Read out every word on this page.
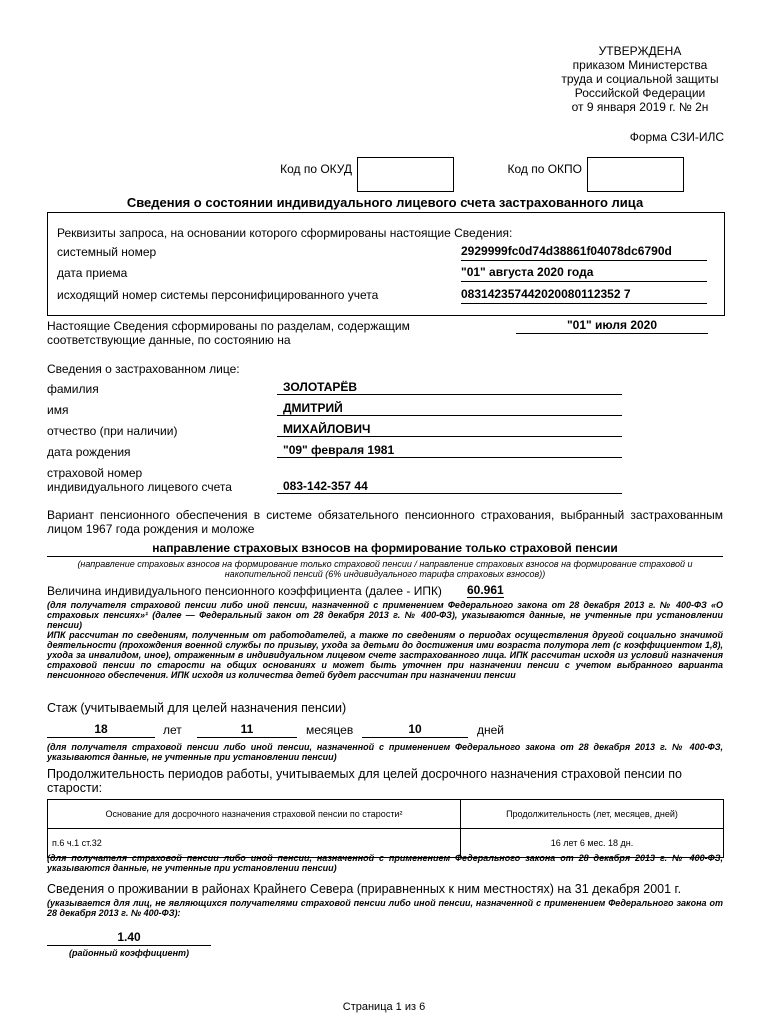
УТВЕРЖДЕНА
приказом Министерства
труда и социальной защиты
Российской Федерации
от 9 января 2019 г. № 2н
Форма СЗИ-ИЛС
Код по ОКУД	Код по ОКПО
Сведения о состоянии индивидуального лицевого счета застрахованного лица
Реквизиты запроса, на основании которого сформированы настоящие Сведения:
системный номер	2929999fc0d74d38861f04078dc6790d
дата приема	"01" августа 2020 года
исходящий номер системы персонифицированного учета	083142357442020080112352 7
Настоящие Сведения сформированы по разделам, содержащим
соответствующие данные, по состоянию на
"01" июля 2020
Сведения о застрахованном лице:
фамилия	ЗОЛОТАРЁВ
имя	ДМИТРИЙ
отчество (при наличии)	МИХАЙЛОВИЧ
дата рождения	"09" февраля 1981
страховой номер
индивидуального лицевого счета	083-142-357 44
Вариант пенсионного обеспечения в системе обязательного пенсионного страхования, выбранный застрахованным лицом 1967 года рождения и моложе
направление страховых взносов на формирование только страховой пенсии
(направление страховых взносов на формирование только страховой пенсии / направление страховых взносов на формирование страховой и накопительной пенсий (6% индивидуального тарифа страховых взносов))
Величина индивидуального пенсионного коэффициента (далее - ИПК) 60.961
(для получателя страховой пенсии либо иной пенсии, назначенной с применением Федерального закона от 28 декабря 2013 г. № 400-ФЗ «О страховых пенсиях»¹ (далее — Федеральный закон от 28 декабря 2013 г. № 400-ФЗ), указываются данные, не учтенные при установлении пенсии)
ИПК рассчитан по сведениям, полученным от работодателей, а также по сведениям о периодах осуществления другой социально значимой деятельности (прохождения военной службы по призыву, ухода за детьми до достижения ими возраста полутора лет (с коэффициентом 1,8), ухода за инвалидом, иное), отраженным в индивидуальном лицевом счете застрахованного лица. ИПК рассчитан исходя из условий назначения страховой пенсии по старости на общих основаниях и может быть уточнен при назначении пенсии с учетом выбранного варианта пенсионного обеспечения. ИПК исходя из количества детей будет рассчитан при назначении пенсии
Стаж (учитываемый для целей назначения пенсии)
18	лет	11	месяцев	10	дней
(для получателя страховой пенсии либо иной пенсии, назначенной с применением Федерального закона от 28 декабря 2013 г. № 400-ФЗ, указываются данные, не учтенные при установлении пенсии)
Продолжительность периодов работы, учитываемых для целей досрочного назначения страховой пенсии по старости:
Основание для досрочного назначения страховой пенсии по старости²	Продолжительность (лет, месяцев, дней)
п.6 ч.1 ст.32	16 лет 6 мес. 18 дн.
(для получателя страховой пенсии либо иной пенсии, назначенной с применением Федерального закона от 28 декабря 2013 г. № 400-ФЗ, указываются данные, не учтенные при установлении пенсии)
Сведения о проживании в районах Крайнего Севера (приравненных к ним местностях) на 31 декабря 2001 г.
(указывается для лиц, не являющихся получателями страховой пенсии либо иной пенсии, назначенной с применением Федерального закона от 28 декабря 2013 г. № 400-ФЗ):
1.40
(районный коэффициент)
Страница 1 из 6
